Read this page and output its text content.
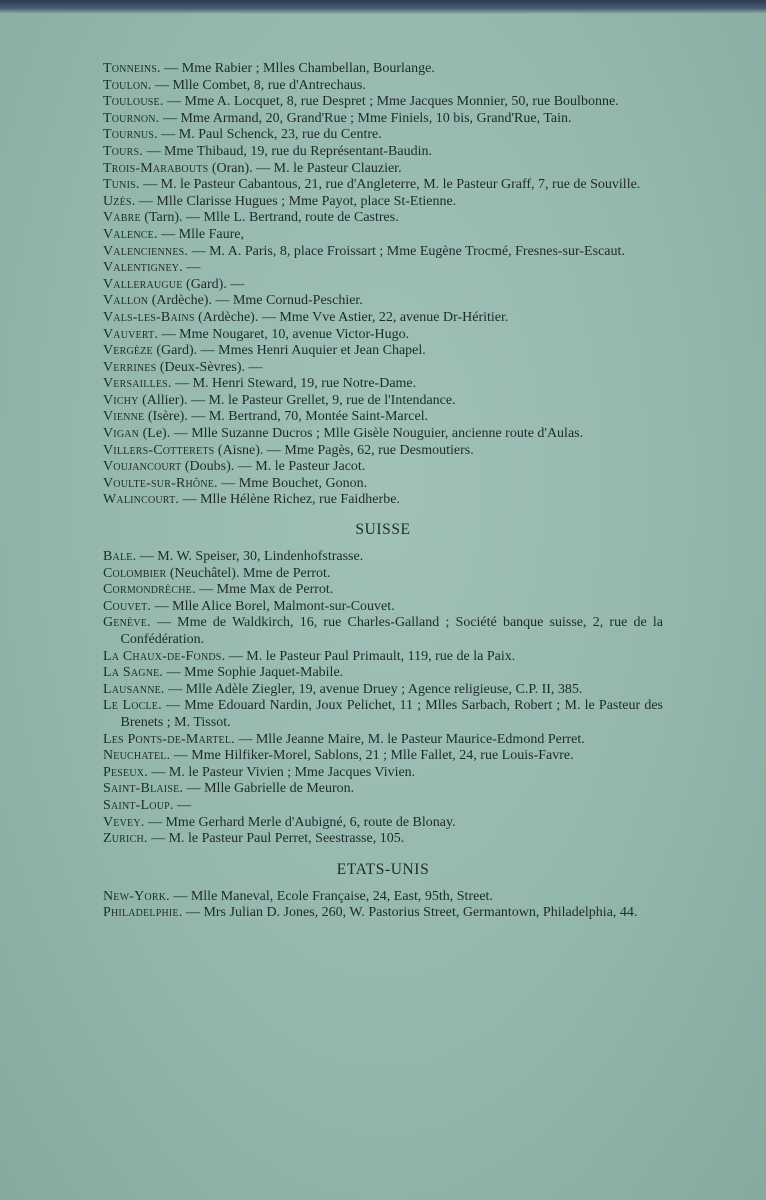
Tonneins. — Mme Rabier ; Mlles Chambellan, Bourlange.
Toulon. — Mlle Combet, 8, rue d'Antrechaus.
Toulouse. — Mme A. Locquet, 8, rue Despret ; Mme Jacques Monnier, 50, rue Boulbonne.
Tournon. — Mme Armand, 20, Grand'Rue ; Mme Finiels, 10 bis, Grand'Rue, Tain.
Tournus. — M. Paul Schenck, 23, rue du Centre.
Tours. — Mme Thibaud, 19, rue du Représentant-Baudin.
Trois-Marabouts (Oran). — M. le Pasteur Clauzier.
Tunis. — M. le Pasteur Cabantous, 21, rue d'Angleterre, M. le Pasteur Graff, 7, rue de Souville.
Uzès. — Mlle Clarisse Hugues ; Mme Payot, place St-Etienne.
Vabre (Tarn). — Mlle L. Bertrand, route de Castres.
Valence. — Mlle Faure,
Valenciennes. — M. A. Paris, 8, place Froissart ; Mme Eugène Trocmé, Fresnes-sur-Escaut.
Valentigney. —
Valleraugue (Gard). —
Vallon (Ardèche). — Mme Cornud-Peschier.
Vals-les-Bains (Ardèche). — Mme Vve Astier, 22, avenue Dr-Héritier.
Vauvert. — Mme Nougaret, 10, avenue Victor-Hugo.
Vergèze (Gard). — Mmes Henri Auquier et Jean Chapel.
Verrines (Deux-Sèvres). —
Versailles. — M. Henri Steward, 19, rue Notre-Dame.
Vichy (Allier). — M. le Pasteur Grellet, 9, rue de l'Intendance.
Vienne (Isère). — M. Bertrand, 70, Montée Saint-Marcel.
Vigan (Le). — Mlle Suzanne Ducros ; Mlle Gisèle Nouguier, ancienne route d'Aulas.
Villers-Cotterets (Aisne). — Mme Pagès, 62, rue Desmoutiers.
Voujancourt (Doubs). — M. le Pasteur Jacot.
Voulte-sur-Rhône. — Mme Bouchet, Gonon.
Walincourt. — Mlle Hélène Richez, rue Faidherbe.
SUISSE
Bale. — M. W. Speiser, 30, Lindenhofstrasse.
Colombier (Neuchâtel). Mme de Perrot.
Cormondrèche. — Mme Max de Perrot.
Couvet. — Mlle Alice Borel, Malmont-sur-Couvet.
Genève. — Mme de Waldkirch, 16, rue Charles-Galland ; Société banque suisse, 2, rue de la Confédération.
La Chaux-de-Fonds. — M. le Pasteur Paul Primault, 119, rue de la Paix.
La Sagne. — Mme Sophie Jaquet-Mabile.
Lausanne. — Mlle Adèle Ziegler, 19, avenue Druey ; Agence religieuse, C.P. II, 385.
Le Locle. — Mme Edouard Nardin, Joux Pelichet, 11 ; Mlles Sarbach, Robert ; M. le Pasteur des Brenets ; M. Tissot.
Les Ponts-de-Martel. — Mlle Jeanne Maire, M. le Pasteur Maurice-Edmond Perret.
Neuchatel. — Mme Hilfiker-Morel, Sablons, 21 ; Mlle Fallet, 24, rue Louis-Favre.
Peseux. — M. le Pasteur Vivien ; Mme Jacques Vivien.
Saint-Blaise. — Mlle Gabrielle de Meuron.
Saint-Loup. —
Vevey. — Mme Gerhard Merle d'Aubigné, 6, route de Blonay.
Zurich. — M. le Pasteur Paul Perret, Seestrasse, 105.
ETATS-UNIS
New-York. — Mlle Maneval, Ecole Française, 24, East, 95th, Street.
Philadelphie. — Mrs Julian D. Jones, 260, W. Pastorius Street, Germantown, Philadelphia, 44.
